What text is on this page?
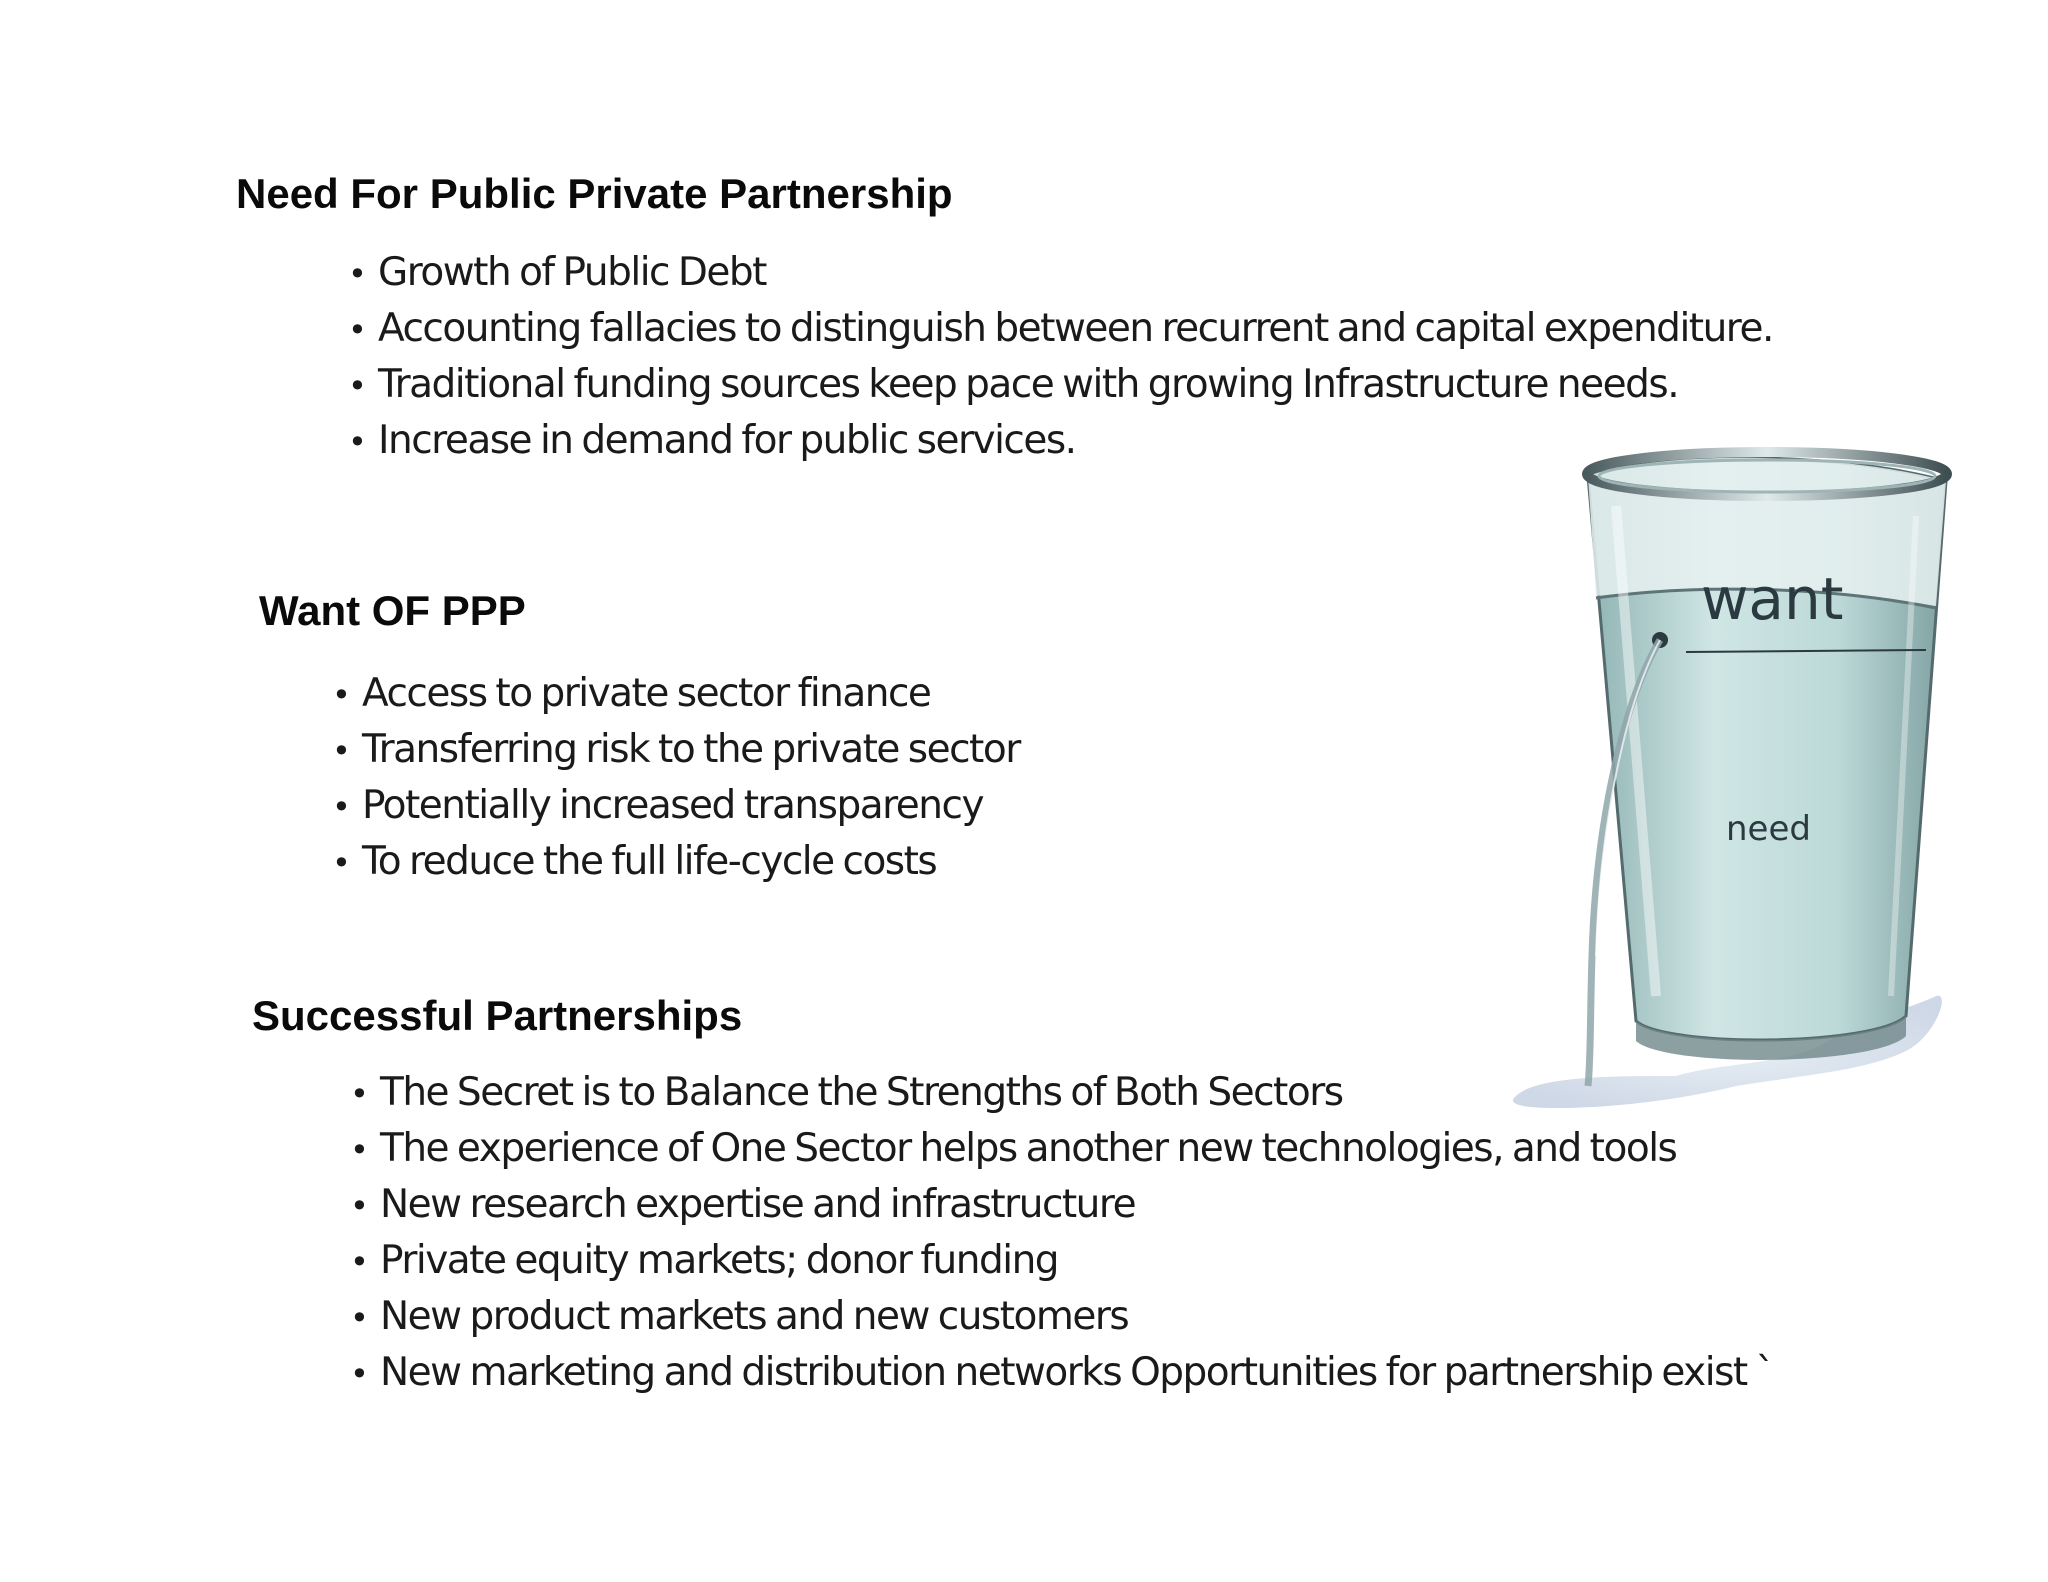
Need For Public Private Partnership
• Growth of Public Debt
• Accounting fallacies to distinguish between recurrent and capital expenditure.
• Traditional funding sources keep pace with growing Infrastructure needs.
• Increase in demand for public services.
Want OF PPP
• Access to private sector finance
• Transferring risk to the private sector
• Potentially increased transparency
• To reduce the full life-cycle costs
Successful Partnerships
• The Secret is to Balance the Strengths of Both Sectors
• The experience of One Sector helps another new technologies, and tools
• New research expertise and infrastructure
• Private equity markets; donor funding
• New product markets and new customers
• New marketing and distribution networks Opportunities for partnership exist `
want
need
